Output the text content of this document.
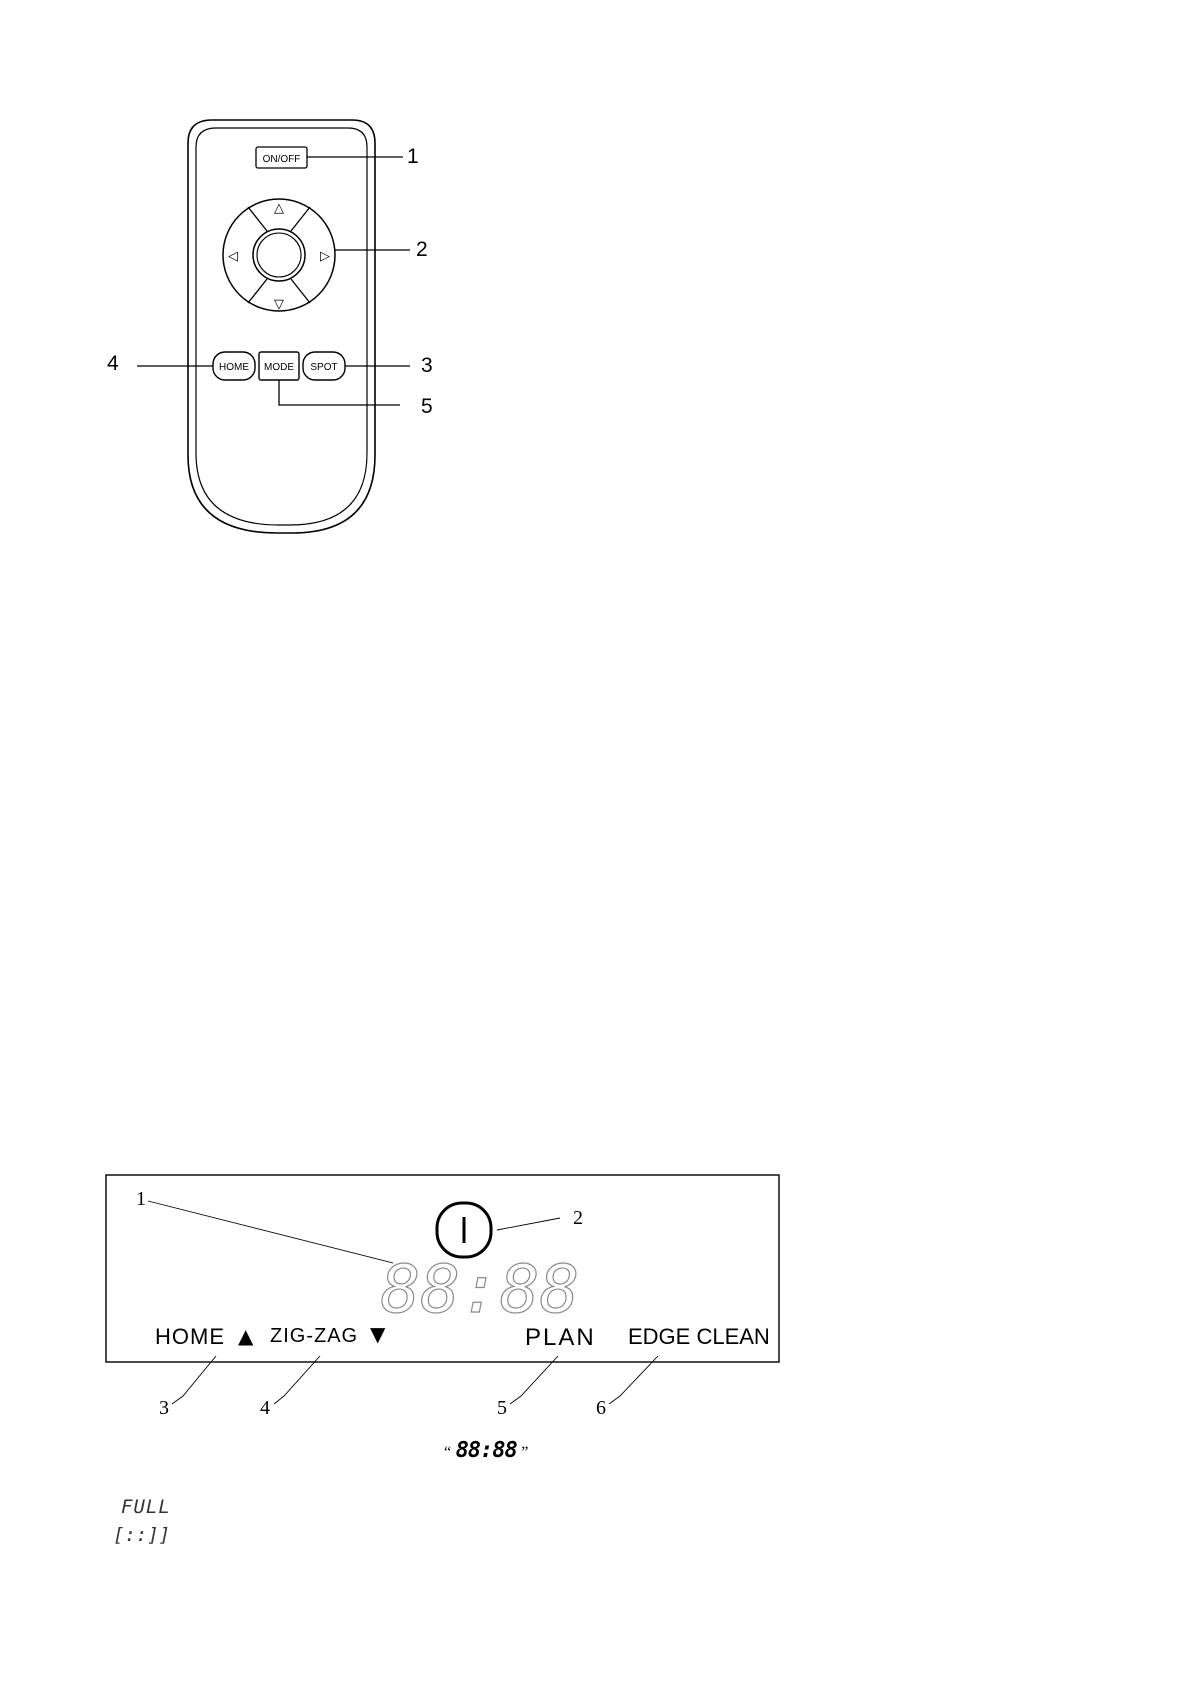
ON/OFF
△
▽
◁	▷
HOME MODE SPOT
1
2
3
4
5
88:88
HOME ▲ ZIG-ZAG ▼	PLAN EDGE CLEAN
1
2
3	4	5	6
“ 88:88 ”
FULL
[::]]
